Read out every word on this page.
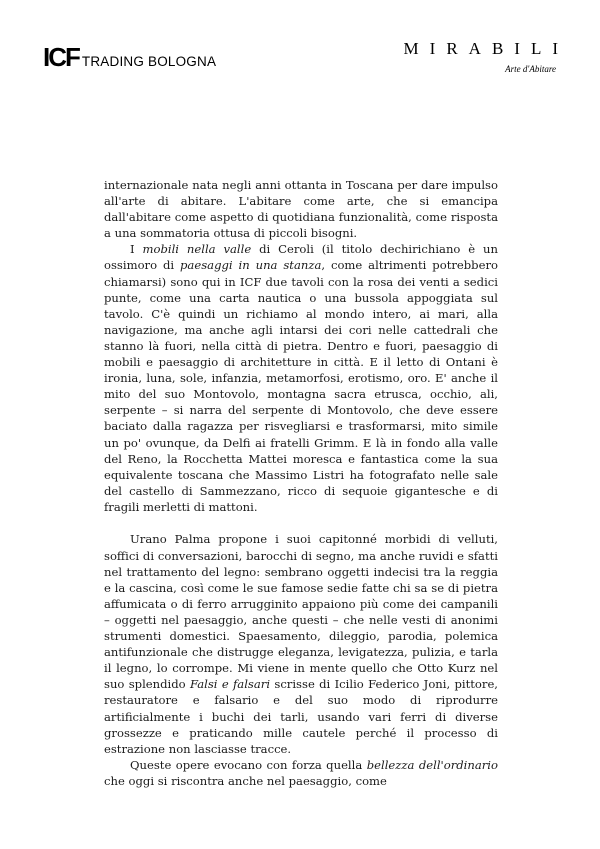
ICF TRADING BOLOGNA
MIRABILI
Arte d'Abitare

internazionale nata negli anni ottanta in Toscana per dare impulso all'arte di abitare. L'abitare come arte, che si emancipa dall'abitare come aspetto di quotidiana funzionalità, come risposta a una sommatoria ottusa di piccoli bisogni.

I mobili nella valle di Ceroli (il titolo dechirichiano è un ossimoro di paesaggi in una stanza, come altrimenti potrebbero chiamarsi) sono qui in ICF due tavoli con la rosa dei venti a sedici punte, come una carta nautica o una bussola appoggiata sul tavolo. C'è quindi un richiamo al mondo intero, ai mari, alla navigazione, ma anche agli intarsi dei cori nelle cattedrali che stanno là fuori, nella città di pietra. Dentro e fuori, paesaggio di mobili e paesaggio di architetture in città. E il letto di Ontani è ironia, luna, sole, infanzia, metamorfosi, erotismo, oro. E' anche il mito del suo Montovolo, montagna sacra etrusca, occhio, ali, serpente – si narra del serpente di Montovolo, che deve essere baciato dalla ragazza per risvegliarsi e trasformarsi, mito simile un po' ovunque, da Delfi ai fratelli Grimm. E là in fondo alla valle del Reno, la Rocchetta Mattei moresca e fantastica come la sua equivalente toscana che Massimo Listri ha fotografato nelle sale del castello di Sammezzano, ricco di sequoie gigantesche e di fragili merletti di mattoni.

Urano Palma propone i suoi capitonné morbidi di velluti, soffici di conversazioni, barocchi di segno, ma anche ruvidi e sfatti nel trattamento del legno: sembrano oggetti indecisi tra la reggia e la cascina, così come le sue famose sedie fatte chi sa se di pietra affumicata o di ferro arrugginito appaiono più come dei campanili – oggetti nel paesaggio, anche questi – che nelle vesti di anonimi strumenti domestici. Spaesamento, dileggio, parodia, polemica antifunzionale che distrugge eleganza, levigatezza, pulizia, e tarla il legno, lo corrompe. Mi viene in mente quello che Otto Kurz nel suo splendido Falsi e falsari scrisse di Icilio Federico Joni, pittore, restauratore e falsario e del suo modo di riprodurre artificialmente i buchi dei tarli, usando vari ferri di diverse grossezze e praticando mille cautele perché il processo di estrazione non lasciasse tracce.

Queste opere evocano con forza quella bellezza dell'ordinario che oggi si riscontra anche nel paesaggio, come
